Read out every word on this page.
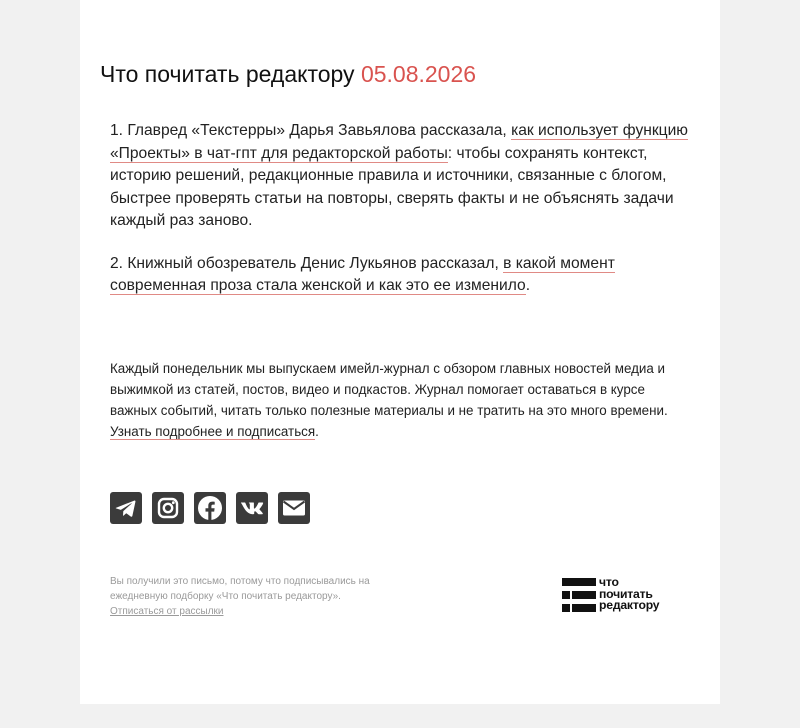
Что почитать редактору 05.08.2026

1. Главред «Текстерры» Дарья Завьялова рассказала, как использует функцию «Проекты» в чат-гпт для редакторской работы: чтобы сохранять контекст, историю решений, редакционные правила и источники, связанные с блогом, быстрее проверять статьи на повторы, сверять факты и не объяснять задачи каждый раз заново.

2. Книжный обозреватель Денис Лукьянов рассказал, в какой момент современная проза стала женской и как это ее изменило.

Каждый понедельник мы выпускаем имейл-журнал с обзором главных новостей медиа и выжимкой из статей, постов, видео и подкастов. Журнал помогает оставаться в курсе важных событий, читать только полезные материалы и не тратить на это много времени. Узнать подробнее и подписаться.

Вы получили это письмо, потому что подписывались на ежедневную подборку «Что почитать редактору».

Отписаться от рассылки

что
почитать
редактору
